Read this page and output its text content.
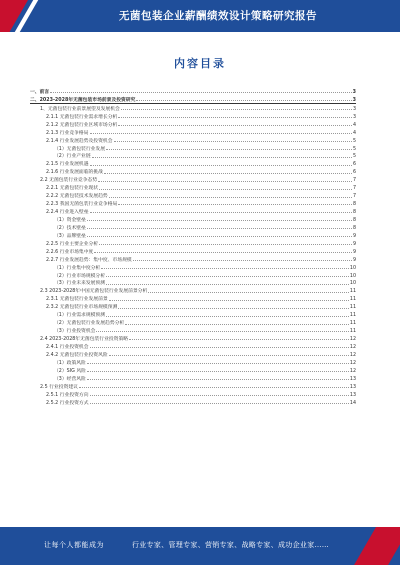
无菌包装企业薪酬绩效设计策略研究报告
内容目录
一、前言	3
二、2023-2028年无菌包装市场前景及投资研究	3
1、无菌包装行业前景展望及发展机会	3
2.1.1 无菌包装行业需求增长分析	3
2.1.2 无菌包装行业区域市场分析	4
2.1.3 行业竞争格局	4
2.1.4 行业发展趋势及投资机会	5
（1）无菌包装行业发展	5
（2）行业产业链	5
2.1.5 行业发展机遇	6
2.1.6 行业发展面临的挑战	6
2.2 无菌包装行业竞争态势	7
2.2.1 无菌包装行业现状	7
2.2.2 无菌包装技术发展趋势	7
2.2.3 我国无菌包装行业竞争格局	8
2.2.4 行业进入壁垒	8
（1）资金壁垒	8
（2）技术壁垒	8
（3）品牌壁垒	9
2.2.5 行业主要企业分析	9
2.2.6 行业市场集中度	9
2.2.7 行业发展趋势：集中度、市场规模	9
（1）行业集中度分析	10
（2）行业市场规模分析	10
（3）行业未来发展预测	10
2.3 2023-2028年中国无菌包装行业发展前景分析	11
2.3.1 无菌包装行业发展前景	11
2.3.2 无菌包装行业市场规模预测	11
（1）行业需求规模预测	11
（2）无菌包装行业发展趋势分析	11
（3）行业投资机会	11
2.4 2023-2028年无菌包装行业投资策略	12
2.4.1 行业投资机会	12
2.4.2 无菌包装行业投资风险	12
（1）政策风险	12
（2）SIG 风险	12
（3）经营风险	13
2.5 行业投资建议	13
2.5.1 行业投资方向	13
2.5.2 行业投资方式	14
让每个人都能成为	行业专家、管理专家、营销专家、战略专家、成功企业家……
